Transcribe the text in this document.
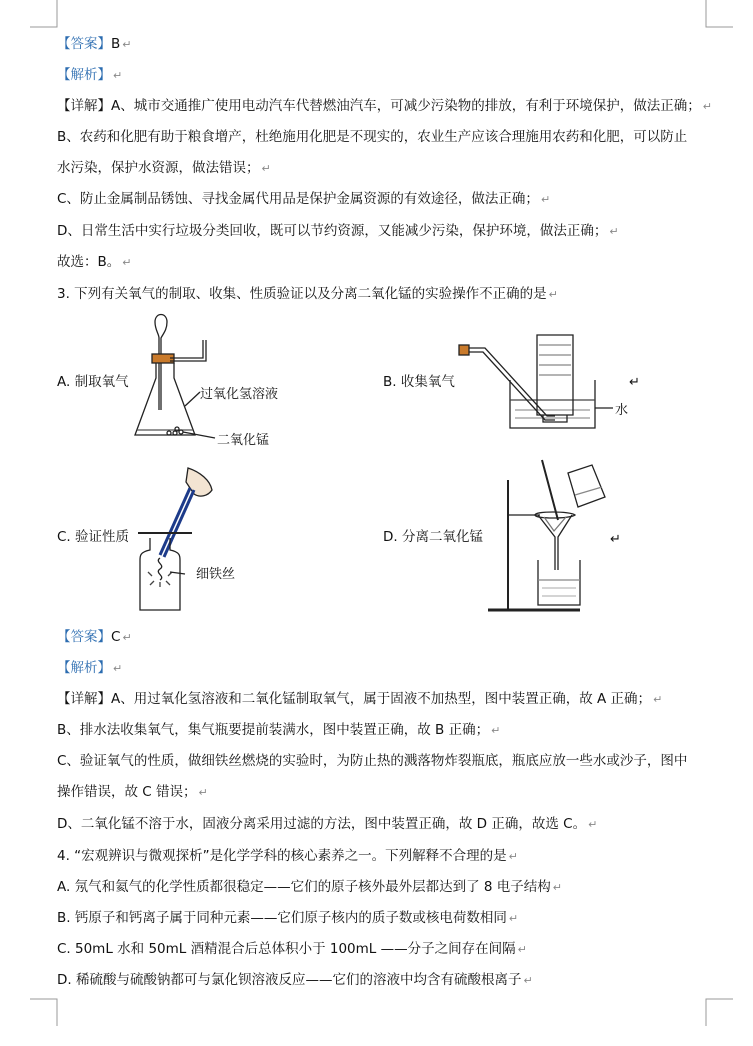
【答案】B ↵
【解析】 ↵
【详解】A、城市交通推广使用电动汽车代替燃油汽车，可减少污染物的排放，有利于环境保护，做法正确； ↵
B、农药和化肥有助于粮食增产，杜绝施用化肥是不现实的，农业生产应该合理施用农药和化肥，可以防止
水污染，保护水资源，做法错误； ↵
C、防止金属制品锈蚀、寻找金属代用品是保护金属资源的有效途径，做法正确； ↵
D、日常生活中实行垃圾分类回收，既可以节约资源，又能减少污染，保护环境，做法正确； ↵
故选：B。 ↵
3. 下列有关氧气的制取、收集、性质验证以及分离二氧化锰的实验操作不正确的是 ↵
A. 制取氧气
过氧化氢溶液
二氧化锰
B. 收集氧气
水
↵
C. 验证性质
细铁丝
D. 分离二氧化锰	↵
【答案】C ↵
【解析】 ↵
【详解】A、用过氧化氢溶液和二氧化锰制取氧气，属于固液不加热型，图中装置正确，故 A 正确； ↵
B、排水法收集氧气，集气瓶要提前装满水，图中装置正确，故 B 正确； ↵
C、验证氧气的性质，做细铁丝燃烧的实验时，为防止热的溅落物炸裂瓶底，瓶底应放一些水或沙子，图中
操作错误，故 C 错误； ↵
D、二氧化锰不溶于水，固液分离采用过滤的方法，图中装置正确，故 D 正确，故选 C。 ↵
4. “宏观辨识与微观探析”是化学学科的核心素养之一。下列解释不合理的是 ↵
A. 氖气和氦气的化学性质都很稳定——它们的原子核外最外层都达到了 8 电子结构 ↵
B. 钙原子和钙离子属于同种元素——它们原子核内的质子数或核电荷数相同 ↵
C. 50mL 水和 50mL 酒精混合后总体积小于 100mL ——分子之间存在间隔 ↵
D. 稀硫酸与硫酸钠都可与氯化钡溶液反应——它们的溶液中均含有硫酸根离子 ↵
